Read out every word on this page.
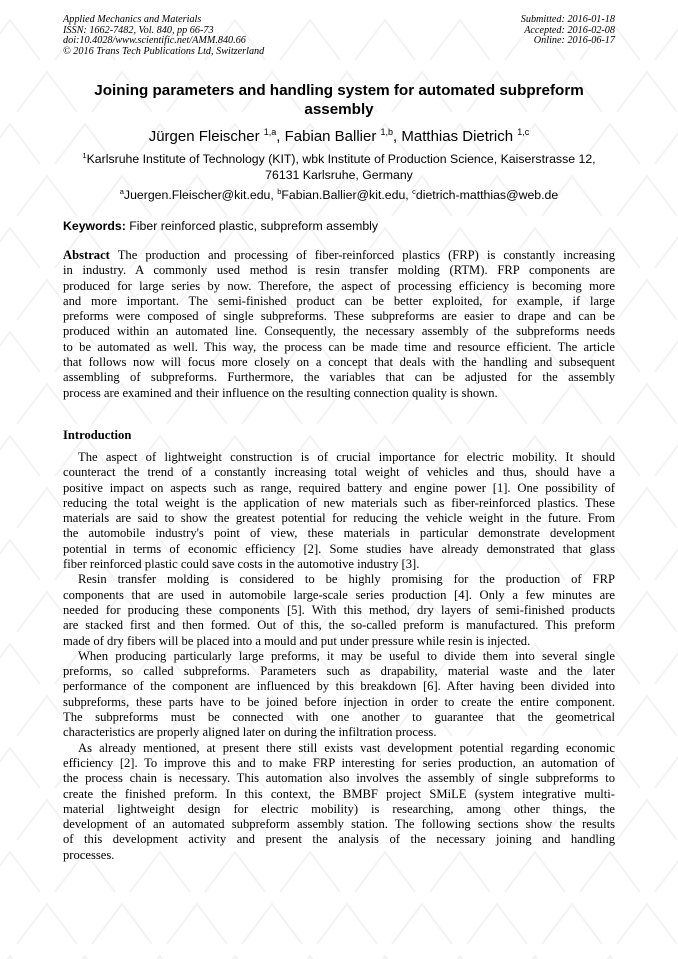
Applied Mechanics and Materials
ISSN: 1662-7482, Vol. 840, pp 66-73
doi:10.4028/www.scientific.net/AMM.840.66
© 2016 Trans Tech Publications Ltd, Switzerland
Submitted: 2016-01-18
Accepted: 2016-02-08
Online: 2016-06-17
Joining parameters and handling system for automated subpreform
assembly
Jürgen Fleischer $^{1,a}$, Fabian Ballier $^{1,b}$, Matthias Dietrich $^{1,c}$
$^1$Karlsruhe Institute of Technology (KIT), wbk Institute of Production Science, Kaiserstrasse 12,
76131 Karlsruhe, Germany
$^a$Juergen.Fleischer@kit.edu, $^b$Fabian.Ballier@kit.edu, $^c$dietrich-matthias@web.de
Keywords: Fiber reinforced plastic, subpreform assembly
Abstract The production and processing of fiber-reinforced plastics (FRP) is constantly increasing
in industry. A commonly used method is resin transfer molding (RTM). FRP components are
produced for large series by now. Therefore, the aspect of processing efficiency is becoming more
and more important. The semi-finished product can be better exploited, for example, if large
preforms were composed of single subpreforms. These subpreforms are easier to drape and can be
produced within an automated line. Consequently, the necessary assembly of the subpreforms needs
to be automated as well. This way, the process can be made time and resource efficient. The article
that follows now will focus more closely on a concept that deals with the handling and subsequent
assembling of subpreforms. Furthermore, the variables that can be adjusted for the assembly
process are examined and their influence on the resulting connection quality is shown.
Introduction
The aspect of lightweight construction is of crucial importance for electric mobility. It should
counteract the trend of a constantly increasing total weight of vehicles and thus, should have a
positive impact on aspects such as range, required battery and engine power [1]. One possibility of
reducing the total weight is the application of new materials such as fiber-reinforced plastics. These
materials are said to show the greatest potential for reducing the vehicle weight in the future. From
the automobile industry's point of view, these materials in particular demonstrate development
potential in terms of economic efficiency [2]. Some studies have already demonstrated that glass
fiber reinforced plastic could save costs in the automotive industry [3].
Resin transfer molding is considered to be highly promising for the production of FRP
components that are used in automobile large-scale series production [4]. Only a few minutes are
needed for producing these components [5]. With this method, dry layers of semi-finished products
are stacked first and then formed. Out of this, the so-called preform is manufactured. This preform
made of dry fibers will be placed into a mould and put under pressure while resin is injected.
When producing particularly large preforms, it may be useful to divide them into several single
preforms, so called subpreforms. Parameters such as drapability, material waste and the later
performance of the component are influenced by this breakdown [6]. After having been divided into
subpreforms, these parts have to be joined before injection in order to create the entire component.
The subpreforms must be connected with one another to guarantee that the geometrical
characteristics are properly aligned later on during the infiltration process.
As already mentioned, at present there still exists vast development potential regarding economic
efficiency [2]. To improve this and to make FRP interesting for series production, an automation of
the process chain is necessary. This automation also involves the assembly of single subpreforms to
create the finished preform. In this context, the BMBF project SMiLE (system integrative multi-
material lightweight design for electric mobility) is researching, among other things, the
development of an automated subpreform assembly station. The following sections show the results
of this development activity and present the analysis of the necessary joining and handling
processes.
